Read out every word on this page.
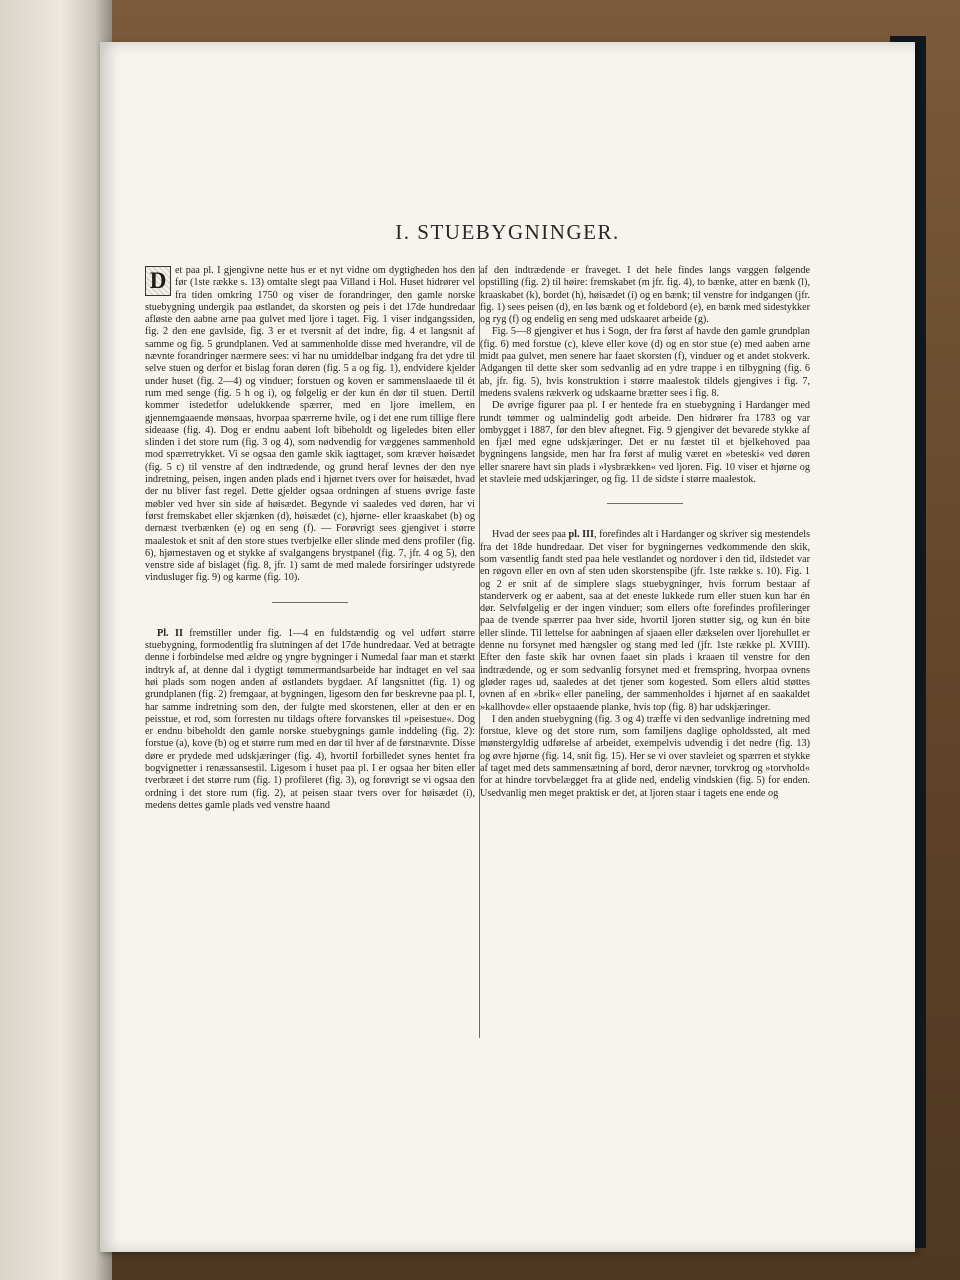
I. STUEBYGNINGER.

D et paa pl. I gjengivne nette hus er et nyt vidne om dygtigheden hos den før (1ste række s. 13) omtalte slegt paa Villand i Hol. Huset hidrører vel fra tiden omkring 1750 og viser de forandringer, den gamle norske stuebygning undergik paa østlandet, da skorsten og peis i det 17de hundredaar afløste den aabne arne paa gulvet med ljore i taget. Fig. 1 viser indgangssiden, fig. 2 den ene gavlside, fig. 3 er et tversnit af det indre, fig. 4 et langsnit af samme og fig. 5 grundplanen. Ved at sammenholde disse med hverandre, vil de nævnte forandringer nærmere sees: vi har nu umiddelbar indgang fra det ydre til selve stuen og derfor et bislag foran døren (fig. 5 a og fig. 1), endvidere kjelder under huset (fig. 2—4) og vinduer; forstuen og koven er sammenslaaede til ét rum med senge (fig. 5 h og i), og følgelig er der kun én dør til stuen. Dertil kommer istedetfor udelukkende spærrer, med en ljore imellem, en gjennemgaaende mønsaas, hvorpaa spærrerne hvile, og i det ene rum tillige flere sideaase (fig. 4). Dog er endnu aabent loft bibeholdt og ligeledes biten eller slinden i det store rum (fig. 3 og 4), som nødvendig for væggenes sammenhold mod spærretrykket. Vi se ogsaa den gamle skik iagttaget, som kræver høisædet (fig. 5 c) til venstre af den indtrædende, og grund heraf levnes der den nye indretning, peisen, ingen anden plads end i hjørnet tvers over for høisædet, hvad der nu bliver fast regel. Dette gjelder ogsaa ordningen af stuens øvrige faste møbler ved hver sin side af høisædet. Begynde vi saaledes ved døren, har vi først fremskabet eller skjænken (d), høisædet (c), hjørne- eller kraaskabet (b) og dernæst tverbænken (e) og en seng (f). — Forøvrigt sees gjengivet i større maalestok et snit af den store stues tverbjelke eller slinde med dens profiler (fig. 6), hjørnestaven og et stykke af svalgangens brystpanel (fig. 7, jfr. 4 og 5), den venstre side af bislaget (fig. 8, jfr. 1) samt de med malede forsiringer udstyrede vindusluger fig. 9) og karme (fig. 10).

Pl. II fremstiller under fig. 1—4 en fuldstændig og vel udført større stuebygning, formodentlig fra slutningen af det 17de hundredaar. Ved at betragte denne i forbindelse med ældre og yngre bygninger i Numedal faar man et stærkt indtryk af, at denne dal i dygtigt tømmermandsarbeide har indtaget en vel saa høi plads som nogen anden af østlandets bygdaer. Af langsnittet (fig. 1) og grundplanen (fig. 2) fremgaar, at bygningen, ligesom den før beskrevne paa pl. I, har samme indretning som den, der fulgte med skorstenen, eller at den er en peisstue, et rod, som forresten nu tildags oftere forvanskes til »peisestue«. Dog er endnu bibeholdt den gamle norske stuebygnings gamle inddeling (fig. 2): forstue (a), kove (b) og et større rum med en dør til hver af de førstnævnte. Disse døre er prydede med udskjæringer (fig. 4), hvortil forbilledet synes hentet fra bogvignetter i renæssansestil. Ligesom i huset paa pl. I er ogsaa her biten eller tverbræet i det større rum (fig. 1) profileret (fig. 3), og forøvrigt se vi ogsaa den ordning i det store rum (fig. 2), at peisen staar tvers over for høisædet (i), medens dettes gamle plads ved venstre haand

af den indtrædende er fraveget. I det hele findes langs væggen følgende opstilling (fig. 2) til høire: fremskabet (m jfr. fig. 4), to bænke, atter en bænk (l), kraaskabet (k), bordet (h), høisædet (i) og en bænk; til venstre for indgangen (jfr. fig. 1) sees peisen (d), en løs bænk og et foldebord (e), en bænk med sidestykker og ryg (f) og endelig en seng med udskaaret arbeide (g).

Fig. 5—8 gjengiver et hus i Sogn, der fra først af havde den gamle grundplan (fig. 6) med forstue (c), kleve eller kove (d) og en stor stue (e) med aaben arne midt paa gulvet, men senere har faaet skorsten (f), vinduer og et andet stokverk. Adgangen til dette sker som sedvanlig ad en ydre trappe i en tilbygning (fig. 6 ab, jfr. fig. 5), hvis konstruktion i større maalestok tildels gjengives i fig. 7, medens svalens rækverk og udskaarne brætter sees i fig. 8.

De øvrige figurer paa pl. I er hentede fra en stuebygning i Hardanger med rundt tømmer og ualmindelig godt arbeide. Den hidrører fra 1783 og var ombygget i 1887, før den blev aftegnet. Fig. 9 gjengiver det bevarede stykke af en fjæl med egne udskjæringer. Det er nu fæstet til et bjelkehoved paa bygningens langside, men har fra først af mulig været en »beteski« ved døren eller snarere havt sin plads i »lysbrækken« ved ljoren. Fig. 10 viser et hjørne og et stavleie med udskjæringer, og fig. 11 de sidste i større maalestok.

Hvad der sees paa pl. III, forefindes alt i Hardanger og skriver sig mestendels fra det 18de hundredaar. Det viser for bygningernes vedkommende den skik, som væsentlig fandt sted paa hele vestlandet og nordover i den tid, ildstedet var en røgovn eller en ovn af sten uden skorstenspibe (jfr. 1ste række s. 10). Fig. 1 og 2 er snit af de simplere slags stuebygninger, hvis forrum bestaar af standerverk og er aabent, saa at det eneste lukkede rum eller stuen kun har én dør. Selvfølgelig er der ingen vinduer; som ellers ofte forefindes profileringer paa de tvende spærrer paa hver side, hvortil ljoren støtter sig, og kun én bite eller slinde. Til lettelse for aabningen af sjaaen eller dækselen over ljorehullet er denne nu forsynet med hængsler og stang med led (jfr. 1ste række pl. XVIII). Efter den faste skik har ovnen faaet sin plads i kraaen til venstre for den indtrædende, og er som sedvanlig forsynet med et fremspring, hvorpaa ovnens gløder rages ud, saaledes at det tjener som kogested. Som ellers altid støttes ovnen af en »brik« eller paneling, der sammenholdes i hjørnet af en saakaldet »kallhovde« eller opstaaende planke, hvis top (fig. 8) har udskjæringer.

I den anden stuebygning (fig. 3 og 4) træffe vi den sedvanlige indretning med forstue, kleve og det store rum, som familjens daglige opholdssted, alt med mønstergyldig udførelse af arbeidet, exempelvis udvendig i det nedre (fig. 13) og øvre hjørne (fig. 14, snit fig. 15). Her se vi over stavleiet og spærren et stykke af taget med dets sammensætning af bord, deror nævner, torvkrog og »torvhold« for at hindre torvbelægget fra at glide ned, endelig vindskien (fig. 5) for enden. Usedvanlig men meget praktisk er det, at ljoren staar i tagets ene ende og
